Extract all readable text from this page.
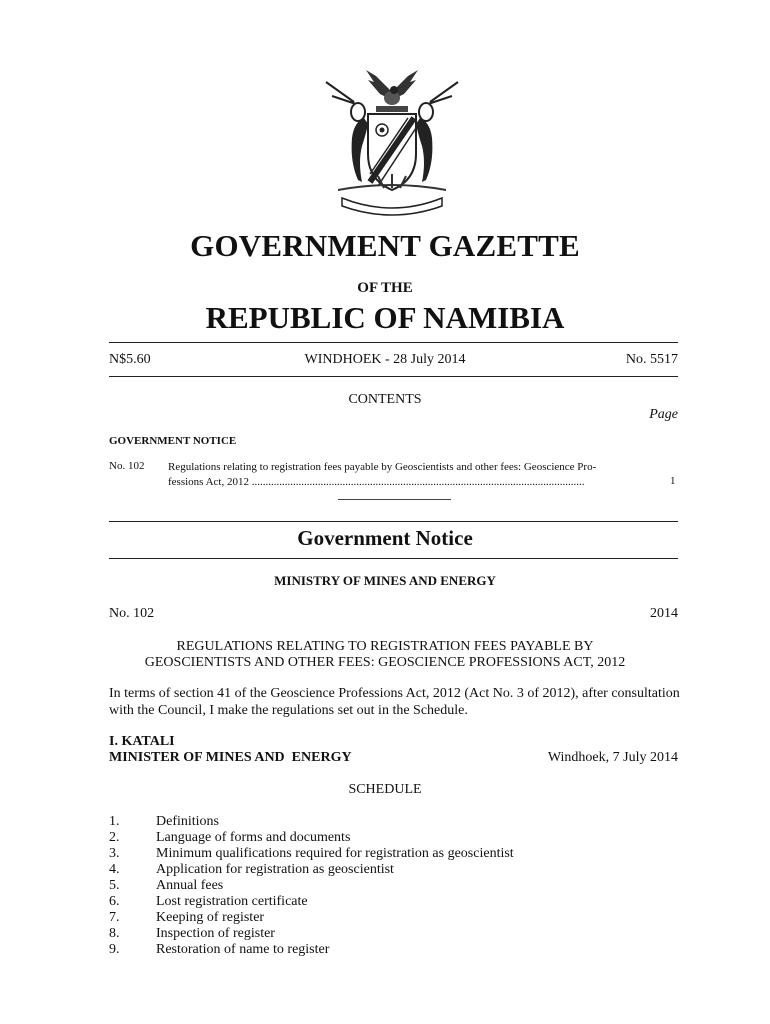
GOVERNMENT GAZETTE
OF THE
REPUBLIC OF NAMIBIA
N$5.60	WINDHOEK - 28 July 2014	No. 5517
CONTENTS
Page
GOVERNMENT NOTICE
No. 102 Regulations relating to registration fees payable by Geoscientists and other fees: Geoscience Pro-
fessions Act, 2012 .........................................................................................................................	1
Government Notice
MINISTRY OF MINES AND ENERGY
No. 102	2014
REGULATIONS RELATING TO REGISTRATION FEES PAYABLE BY
GEOSCIENTISTS AND OTHER FEES: GEOSCIENCE PROFESSIONS ACT, 2012
In terms of section 41 of the Geoscience Professions Act, 2012 (Act No. 3 of 2012), after consultation with the Council, I make the regulations set out in the Schedule.
I. KATALI
MINISTER OF MINES AND  ENERGY	Windhoek, 7 July 2014
SCHEDULE
1.	Definitions
2.	Language of forms and documents
3.	Minimum qualifications required for registration as geoscientist
4.	Application for registration as geoscientist
5.	Annual fees
6.	Lost registration certificate
7.	Keeping of register
8.	Inspection of register
9.	Restoration of name to register
